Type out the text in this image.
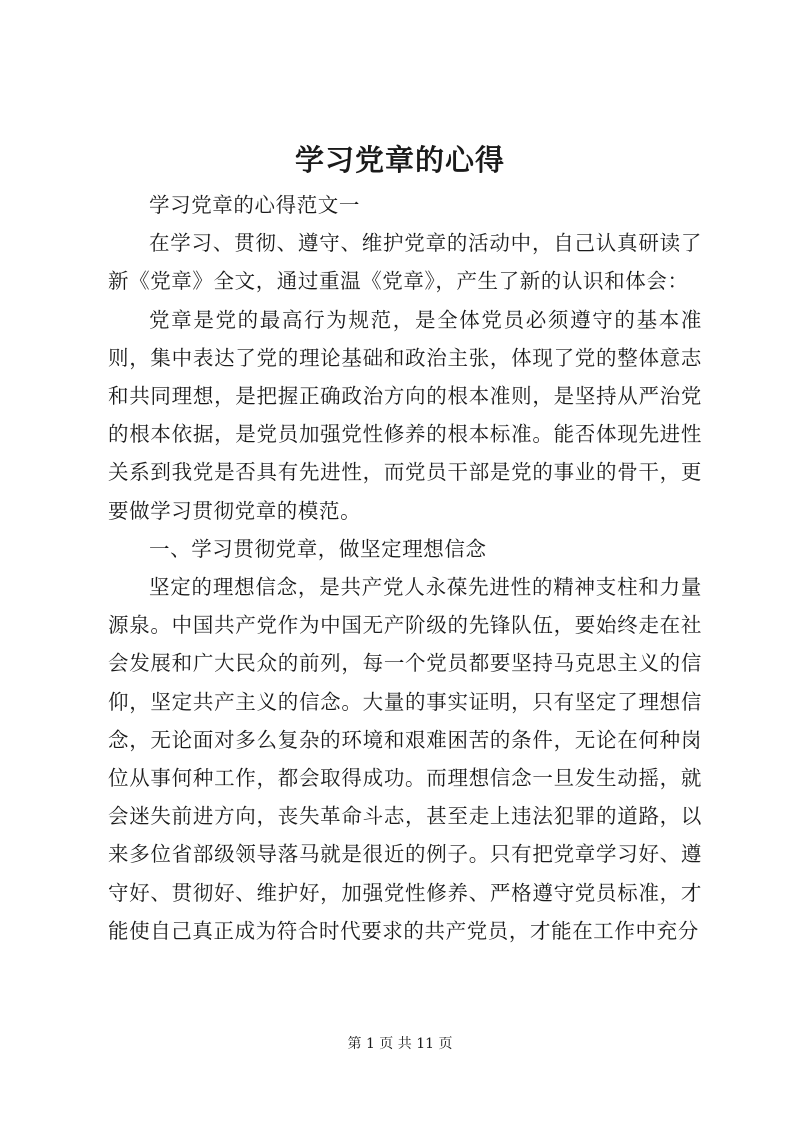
学习党章的心得

学习党章的心得范文一

在学习、贯彻、遵守、维护党章的活动中，自己认真研读了新《党章》全文，通过重温《党章》，产生了新的认识和体会：

党章是党的最高行为规范，是全体党员必须遵守的基本准则，集中表达了党的理论基础和政治主张，体现了党的整体意志和共同理想，是把握正确政治方向的根本准则，是坚持从严治党的根本依据，是党员加强党性修养的根本标准。能否体现先进性关系到我党是否具有先进性，而党员干部是党的事业的骨干，更要做学习贯彻党章的模范。

一、学习贯彻党章，做坚定理想信念

坚定的理想信念，是共产党人永葆先进性的精神支柱和力量源泉。中国共产党作为中国无产阶级的先锋队伍，要始终走在社会发展和广大民众的前列，每一个党员都要坚持马克思主义的信仰，坚定共产主义的信念。大量的事实证明，只有坚定了理想信念，无论面对多么复杂的环境和艰难困苦的条件，无论在何种岗位从事何种工作，都会取得成功。而理想信念一旦发生动摇，就会迷失前进方向，丧失革命斗志，甚至走上违法犯罪的道路，以来多位省部级领导落马就是很近的例子。只有把党章学习好、遵守好、贯彻好、维护好，加强党性修养、严格遵守党员标准，才能使自己真正成为符合时代要求的共产党员，才能在工作中充分

第 1 页 共 11 页
